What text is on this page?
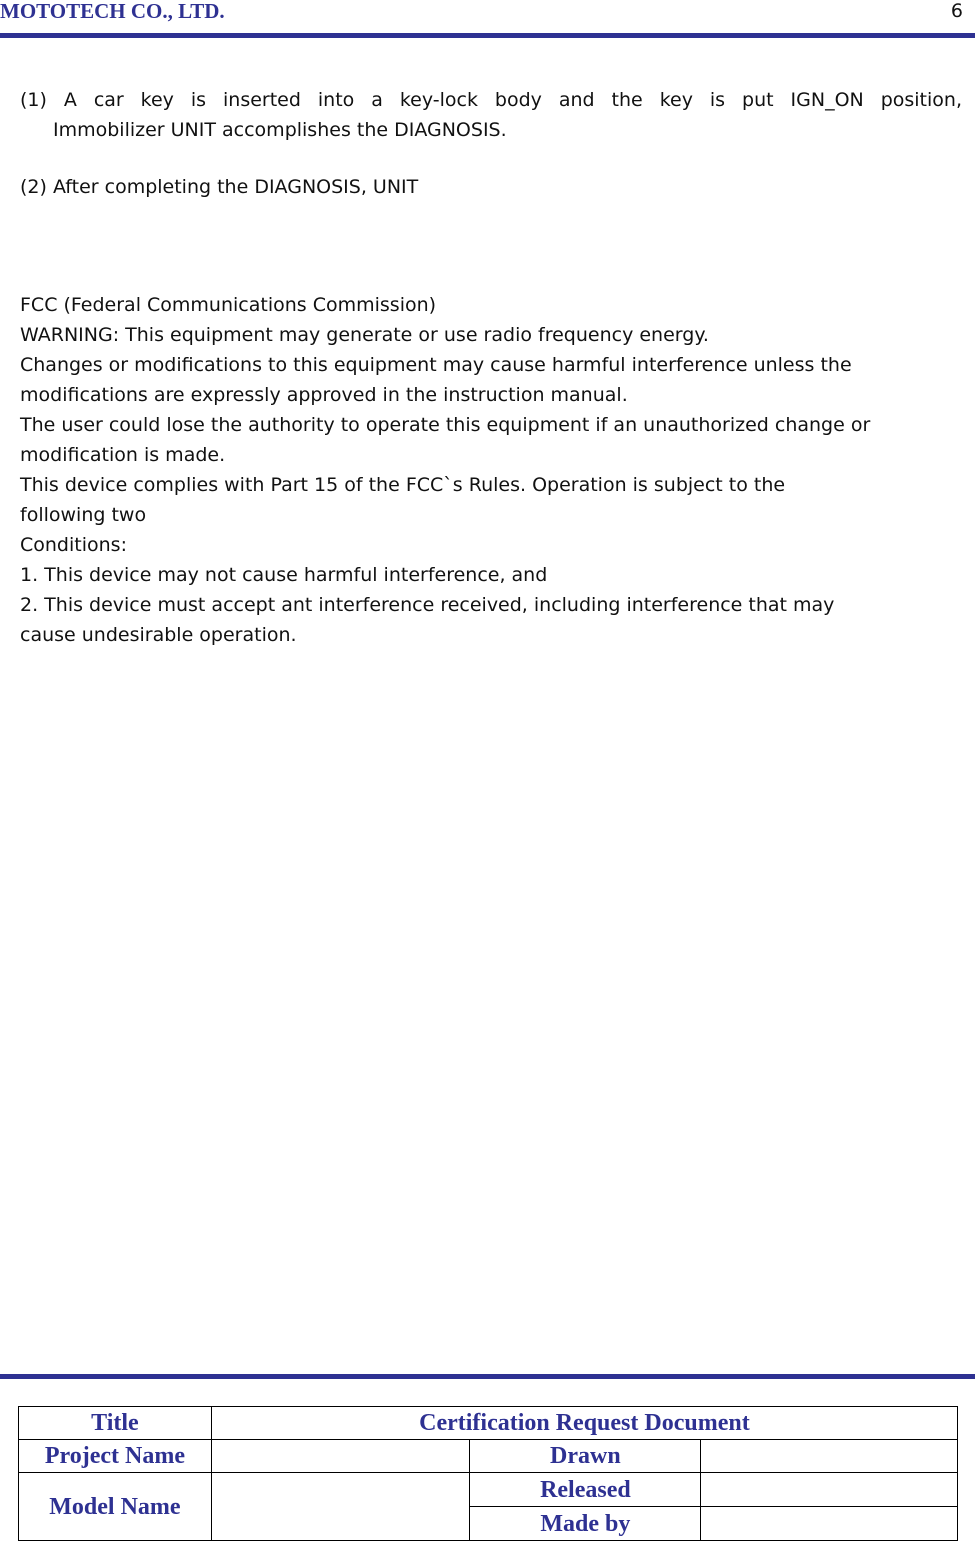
MOTOTECH CO., LTD.	6
(1) A car key is inserted into a key-lock body and the key is put IGN_ON position,
Immobilizer UNIT accomplishes the DIAGNOSIS.
(2) After completing the DIAGNOSIS, UNIT
FCC (Federal Communications Commission)

WARNING: This equipment may generate or use radio frequency energy.

Changes or modifications to this equipment may cause harmful interference unless the

modifications are expressly approved in the instruction manual.

The user could lose the authority to operate this equipment if an unauthorized change or

modification is made.

This device complies with Part 15 of the FCC`s Rules. Operation is subject to the

following two

Conditions:

1. This device may not cause harmful interference, and

2. This device must accept ant interference received, including interference that may

cause undesirable operation.

Title	Certification Request Document		
Project Name		Drawn	
Model Name		Released	
		Made by	
